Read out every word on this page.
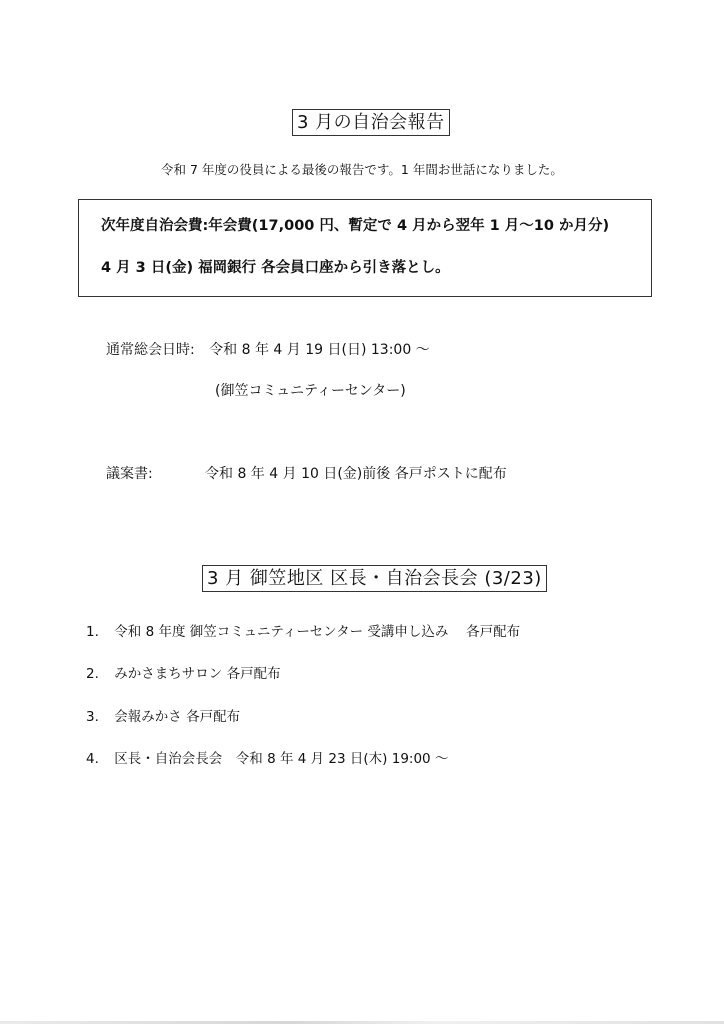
3 月の自治会報告
令和 7 年度の役員による最後の報告です。1 年間お世話になりました。
次年度自治会費:年会費(17,000 円、暫定で 4 月から翌年 1 月～10 か月分)
4 月 3 日(金) 福岡銀行 各会員口座から引き落とし。
通常総会日時: 令和 8 年 4 月 19 日(日) 13:00 ～
(御笠コミュニティーセンター)
議案書:	令和 8 年 4 月 10 日(金)前後 各戸ポストに配布
3 月 御笠地区 区長・自治会長会 (3/23)
1. 令和 8 年度 御笠コミュニティーセンター 受講申し込み　 各戸配布
2. みかさまちサロン 各戸配布
3. 会報みかさ 各戸配布
4. 区長・自治会長会　令和 8 年 4 月 23 日(木) 19:00 ～
